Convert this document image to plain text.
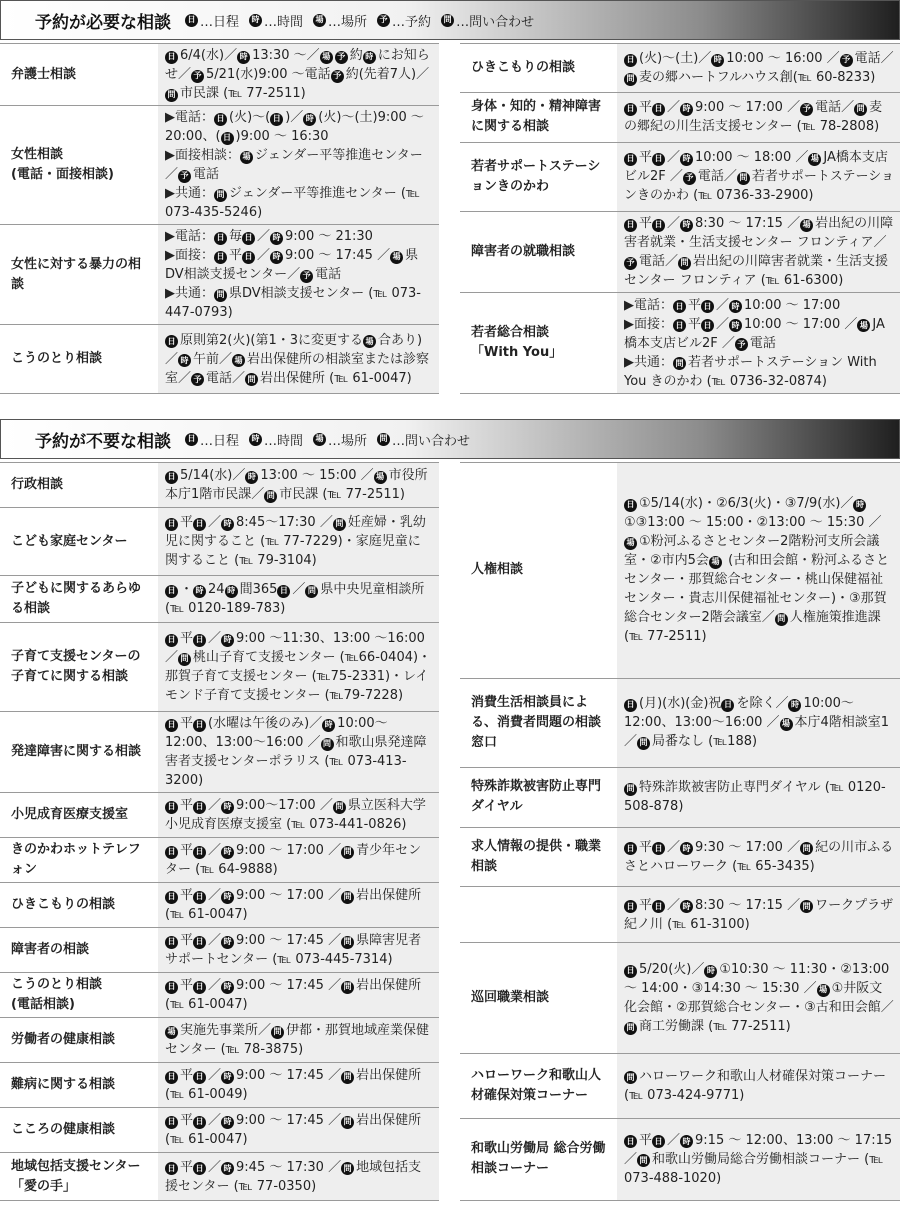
予約が必要な相談	日 …日程	時 …時間	場 …場所	予 …予約	問 …問い合わせ
弁護士相談	日 6/4(水)／ 時 13:30 ～／ 場 予 約 時 にお知らせ／ 予 5/21(水)9:00 ～電話 予 約(先着7人)／問 市民課 (℡ 77-2511)

女性相談
(電話・面接相談)	▶電話： 日 (火)～( 日 )／ 時 (火)～(土)9:00 ～ 20:00、( 日 )9:00 ～ 16:30
▶面接相談： 場 ジェンダー平等推進センター／ 予 電話
▶共通： 問 ジェンダー平等推進センター (℡ 073-435-5246)

女性に対する暴力の相談	▶電話： 日 毎 日 ／ 時 9:00 ～ 21:30
▶面接： 日 平 日 ／ 時 9:00 ～ 17:45 ／ 場 県DV相談支援センター／ 予 電話
▶共通： 問 県DV相談支援センター (℡ 073-447-0793)

こうのとり相談	日 原則第2(火)(第1・3に変更する 場 合あり)／ 時 午前／ 場 岩出保健所の相談室または診察室／ 予 電話／ 問 岩出保健所 (℡ 61-0047)
ひきこもりの相談	日 (火)～(土)／ 時 10:00 ～ 16:00 ／ 予 電話／問 麦の郷ハートフルハウス創(℡ 60-8233)

身体・知的・精神障害に関する相談	日 平 日 ／ 時 9:00 ～ 17:00 ／ 予 電話／ 問 麦の郷紀の川生活支援センター (℡ 78-2808)

若者サポートステーションきのかわ	日 平 日 ／ 時 10:00 ～ 18:00 ／ 場 JA橋本支店ビル2F ／ 予 電話／ 問 若者サポートステーションきのかわ (℡ 0736-33-2900)

障害者の就職相談	日 平 日 ／ 時 8:30 ～ 17:15 ／ 場 岩出紀の川障害者就業・生活支援センター フロンティア／予 電話／ 問 岩出紀の川障害者就業・生活支援センター フロンティア (℡ 61-6300)

若者総合相談
「With You」	▶電話： 日 平 日 ／ 時 10:00 ～ 17:00
▶面接： 日 平 日 ／ 時 10:00 ～ 17:00 ／ 場 JA橋本支店ビル2F ／ 予 電話
▶共通： 問 若者サポートステーション With You きのかわ (℡ 0736-32-0874)
予約が不要な相談	日 …日程	時 …時間	場 …場所	問 …問い合わせ
行政相談	日 5/14(水)／ 時 13:00 ～ 15:00 ／ 場 市役所本庁1階市民課／ 問 市民課 (℡ 77-2511)

こども家庭センター	日 平 日 ／ 時 8:45～17:30 ／ 問 妊産婦・乳幼児に関すること (℡ 77-7229)・家庭児童に関すること (℡ 79-3104)

子どもに関するあらゆる相談	日 ・ 時 24 時 間365 日 ／ 問 県中央児童相談所 (℡ 0120-189-783)

子育て支援センターの子育てに関する相談	日 平 日 ／ 時 9:00 ～11:30、13:00 ～16:00 ／ 問 桃山子育て支援センター (℡66-0404)・那賀子育て支援センター (℡75-2331)・レイモンド子育て支援センター (℡79-7228)

発達障害に関する相談	日 平 日 (水曜は午後のみ)／ 時 10:00～12:00、13:00～16:00 ／ 問 和歌山県発達障害者支援センターポラリス (℡ 073-413-3200)

小児成育医療支援室	日 平 日 ／ 時 9:00～17:00 ／ 問 県立医科大学小児成育医療支援室 (℡ 073-441-0826)

きのかわホットテレフォン	日 平 日 ／ 時 9:00 ～ 17:00 ／ 問 青少年センター (℡ 64-9888)

ひきこもりの相談	日 平 日 ／ 時 9:00 ～ 17:00 ／ 問 岩出保健所 (℡ 61-0047)

障害者の相談	日 平 日 ／ 時 9:00 ～ 17:45 ／ 問 県障害児者サポートセンター (℡ 073-445-7314)

こうのとり相談
(電話相談)	日 平 日 ／ 時 9:00 ～ 17:45 ／ 問 岩出保健所 (℡ 61-0047)

労働者の健康相談	場 実施先事業所／ 問 伊都・那賀地域産業保健センター (℡ 78-3875)

難病に関する相談	日 平 日 ／ 時 9:00 ～ 17:45 ／ 問 岩出保健所 (℡ 61-0049)

こころの健康相談	日 平 日 ／ 時 9:00 ～ 17:45 ／ 問 岩出保健所 (℡ 61-0047)

地域包括支援センター「愛の手」	日 平 日 ／ 時 9:45 ～ 17:30 ／ 問 地域包括支援センター (℡ 77-0350)
人権相談	日 ①5/14(水)・②6/3(火)・③7/9(水)／ 時①③13:00 ～ 15:00・②13:00 ～ 15:30 ／場 ①粉河ふるさとセンター2階粉河支所会議室・②市内5会 場 (古和田会館・粉河ふるさとセンター・那賀総合センター・桃山保健福祉センター・貴志川保健福祉センター)・③那賀総合センター2階会議室／ 問 人権施策推進課 (℡ 77-2511)

消費生活相談員による、消費者問題の相談窓口	日 (月)(水)(金)祝 日 を除く／ 時 10:00～12:00、13:00～16:00 ／ 場 本庁4階相談室1／ 問 局番なし (℡188)

特殊詐欺被害防止専門ダイヤル	問 特殊詐欺被害防止専門ダイヤル (℡ 0120-508-878)

求人情報の提供・職業相談	日 平 日 ／ 時 9:30 ～ 17:00 ／ 問 紀の川市ふるさとハローワーク (℡ 65-3435)

	日 平 日 ／ 時 8:30 ～ 17:15 ／ 問 ワークプラザ紀ノ川 (℡ 61-3100)

巡回職業相談	日 5/20(火)／ 時 ①10:30 ～ 11:30・②13:00 ～ 14:00・③14:30 ～ 15:30 ／ 場 ①井阪文化会館・②那賀総合センター・③古和田会館／問 商工労働課 (℡ 77-2511)

ハローワーク和歌山人材確保対策コーナー	問 ハローワーク和歌山人材確保対策コーナー (℡ 073-424-9771)

和歌山労働局 総合労働相談コーナー	日 平 日 ／ 時 9:15 ～ 12:00、13:00 ～ 17:15 ／ 問 和歌山労働局総合労働相談コーナー (℡ 073-488-1020)
